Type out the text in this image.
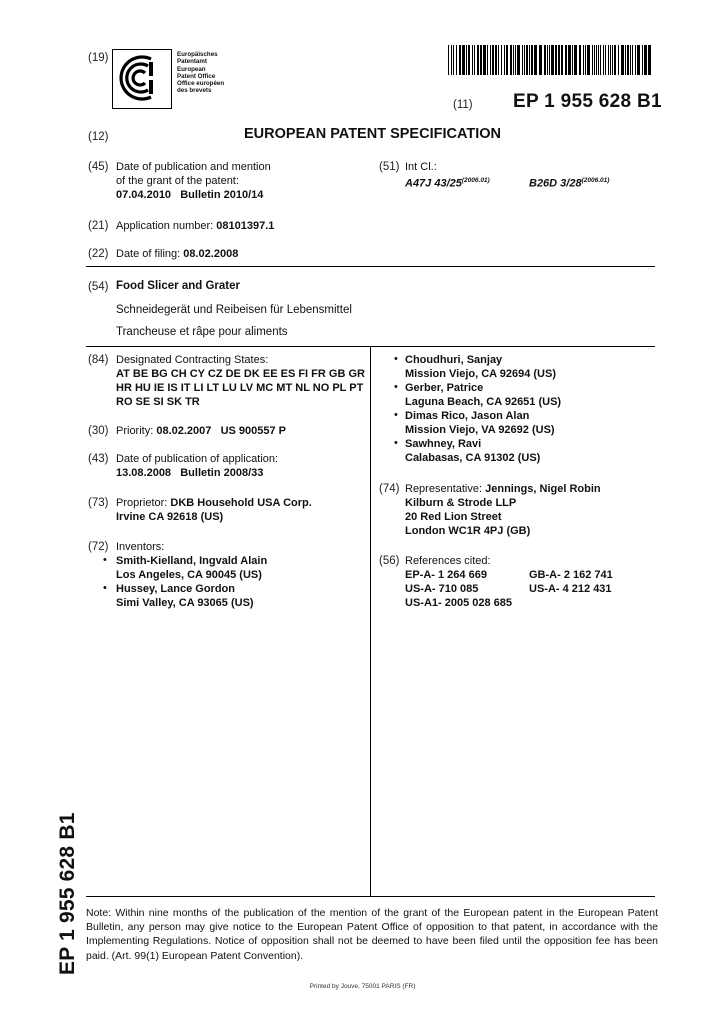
(19)	Europäisches
Patentamt
European
Patent Office
Office européen
des brevets
(11) EP 1 955 628 B1
(12)	EUROPEAN PATENT SPECIFICATION
(45) Date of publication and mention
of the grant of the patent:
07.04.2010   Bulletin 2010/14
(21) Application number: 08101397.1
(22) Date of filing: 08.02.2008
(51) Int Cl.:
A47J $43/25^{(2006.01)}$	B26D $3/28^{(2006.01)}$
(54) Food Slicer and Grater
Schneidegerät und Reibeisen für Lebensmittel
Trancheuse et râpe pour aliments
(84) Designated Contracting States:
AT BE BG CH CY CZ DE DK EE ES FI FR GB GR
HR HU IE IS IT LI LT LU LV MC MT NL NO PL PT
RO SE SI SK TR
(30) Priority: 08.02.2007   US 900557 P
(43) Date of publication of application:
13.08.2008   Bulletin 2008/33
(73) Proprietor: DKB Household USA Corp.
Irvine CA 92618 (US)
(72) Inventors:
• Smith-Kielland, Ingvald Alain
Los Angeles, CA 90045 (US)
• Hussey, Lance Gordon
Simi Valley, CA 93065 (US)
• Choudhuri, Sanjay
Mission Viejo, CA 92694 (US)
• Gerber, Patrice
Laguna Beach, CA 92651 (US)
• Dimas Rico, Jason Alan
Mission Viejo, VA 92692 (US)
• Sawhney, Ravi
Calabasas, CA 91302 (US)
(74) Representative: Jennings, Nigel Robin
Kilburn & Strode LLP
20 Red Lion Street
London WC1R 4PJ (GB)
(56) References cited:
EP-A- 1 264 669	GB-A- 2 162 741
US-A- 710 085	US-A- 4 212 431
US-A1- 2005 028 685
EP 1 955 628 B1 Note: Within nine months of the publication of the mention of the grant of the European patent in the European Patent Bulletin, any person may give notice to the European Patent Office of opposition to that patent, in accordance with the Implementing Regulations. Notice of opposition shall not be deemed to have been filed until the opposition fee has been paid. (Art. 99(1) European Patent Convention).
Printed by Jouve, 75001 PARIS (FR)
